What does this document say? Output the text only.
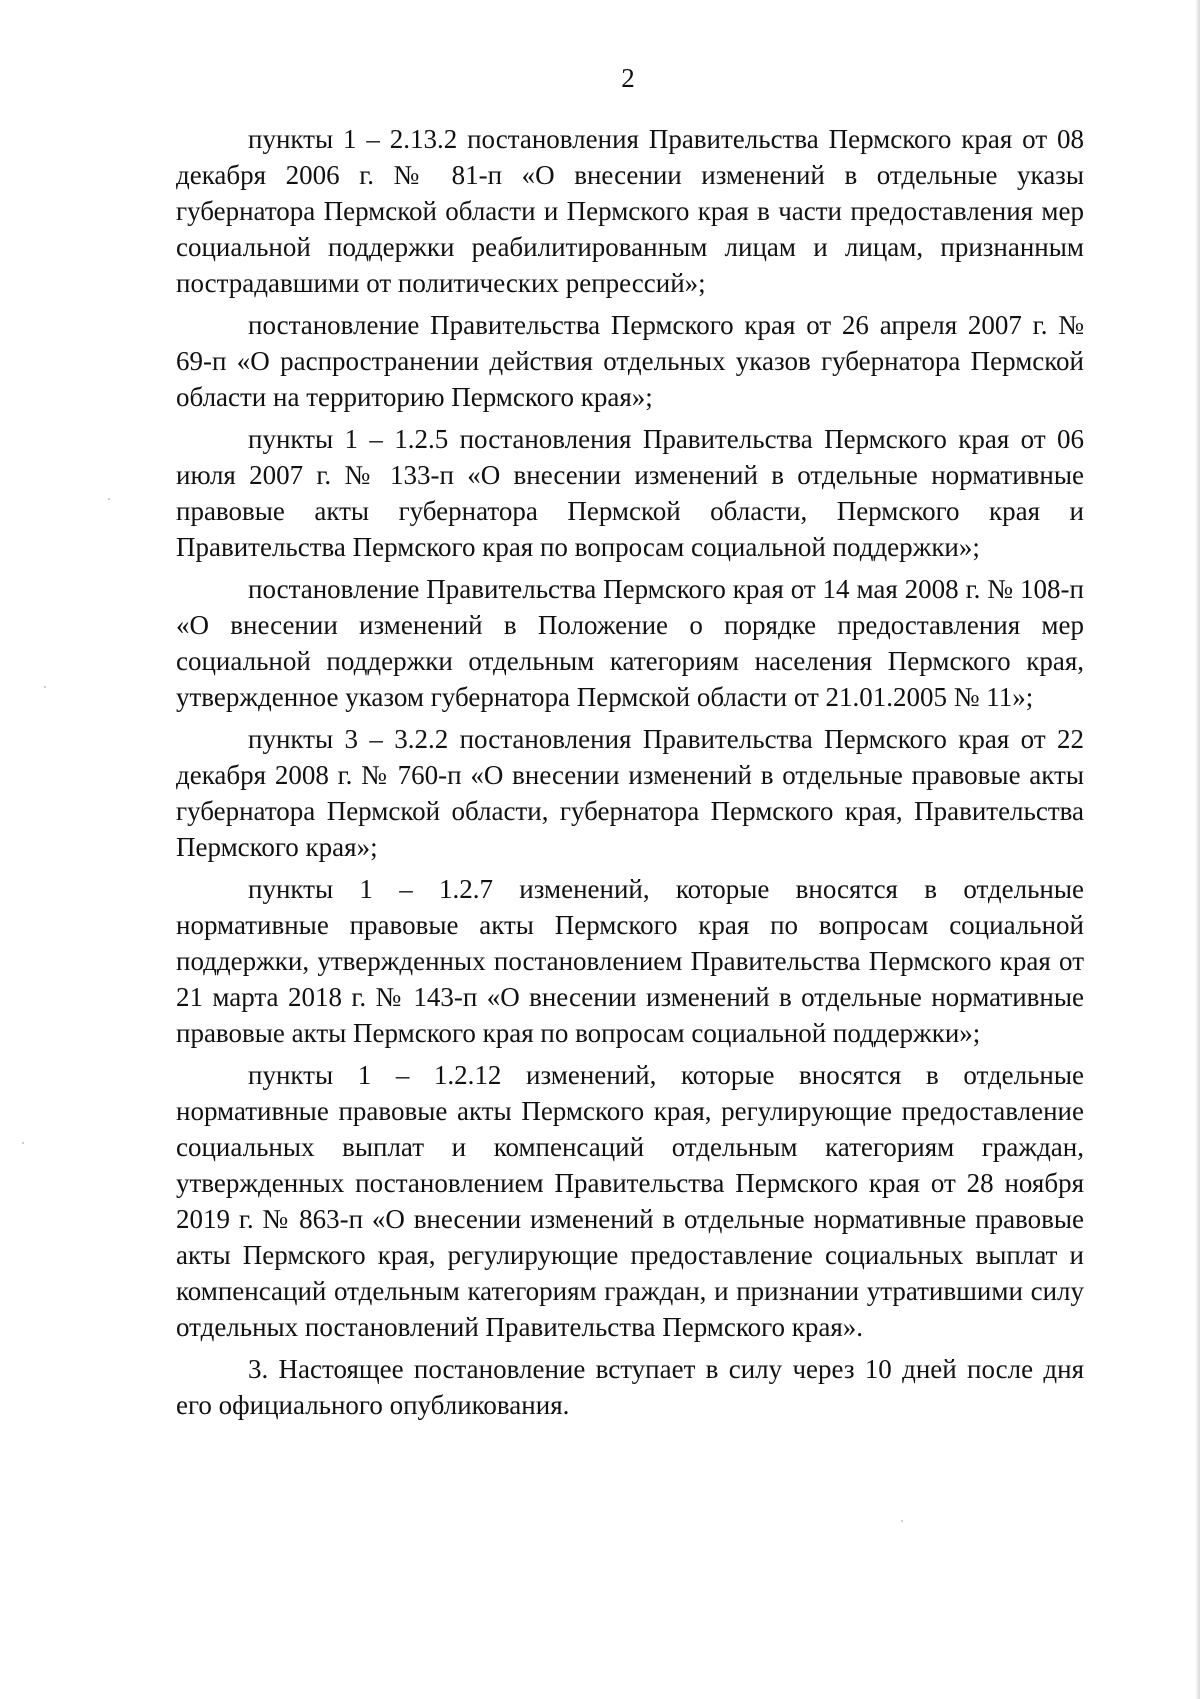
2

пункты 1 – 2.13.2 постановления Правительства Пермского края от 08 декабря 2006 г. № 81-п «О внесении изменений в отдельные указы губернатора Пермской области и Пермского края в части предоставления мер социальной поддержки реабилитированным лицам и лицам, признанным пострадавшими от политических репрессий»;

постановление Правительства Пермского края от 26 апреля 2007 г. № 69-п «О распространении действия отдельных указов губернатора Пермской области на территорию Пермского края»;

пункты 1 – 1.2.5 постановления Правительства Пермского края от 06 июля 2007 г. № 133-п «О внесении изменений в отдельные нормативные правовые акты губернатора Пермской области, Пермского края и Правительства Пермского края по вопросам социальной поддержки»;

постановление Правительства Пермского края от 14 мая 2008 г. № 108-п «О внесении изменений в Положение о порядке предоставления мер социальной поддержки отдельным категориям населения Пермского края, утвержденное указом губернатора Пермской области от 21.01.2005 № 11»;

пункты 3 – 3.2.2 постановления Правительства Пермского края от 22 декабря 2008 г. № 760-п «О внесении изменений в отдельные правовые акты губернатора Пермской области, губернатора Пермского края, Правительства Пермского края»;

пункты 1 – 1.2.7 изменений, которые вносятся в отдельные нормативные правовые акты Пермского края по вопросам социальной поддержки, утвержденных постановлением Правительства Пермского края от 21 марта 2018 г. № 143-п «О внесении изменений в отдельные нормативные правовые акты Пермского края по вопросам социальной поддержки»;

пункты 1 – 1.2.12 изменений, которые вносятся в отдельные нормативные правовые акты Пермского края, регулирующие предоставление социальных выплат и компенсаций отдельным категориям граждан, утвержденных постановлением Правительства Пермского края от 28 ноября 2019 г. № 863-п «О внесении изменений в отдельные нормативные правовые акты Пермского края, регулирующие предоставление социальных выплат и компенсаций отдельным категориям граждан, и признании утратившими силу отдельных постановлений Правительства Пермского края».

3. Настоящее постановление вступает в силу через 10 дней после дня его официального опубликования.
